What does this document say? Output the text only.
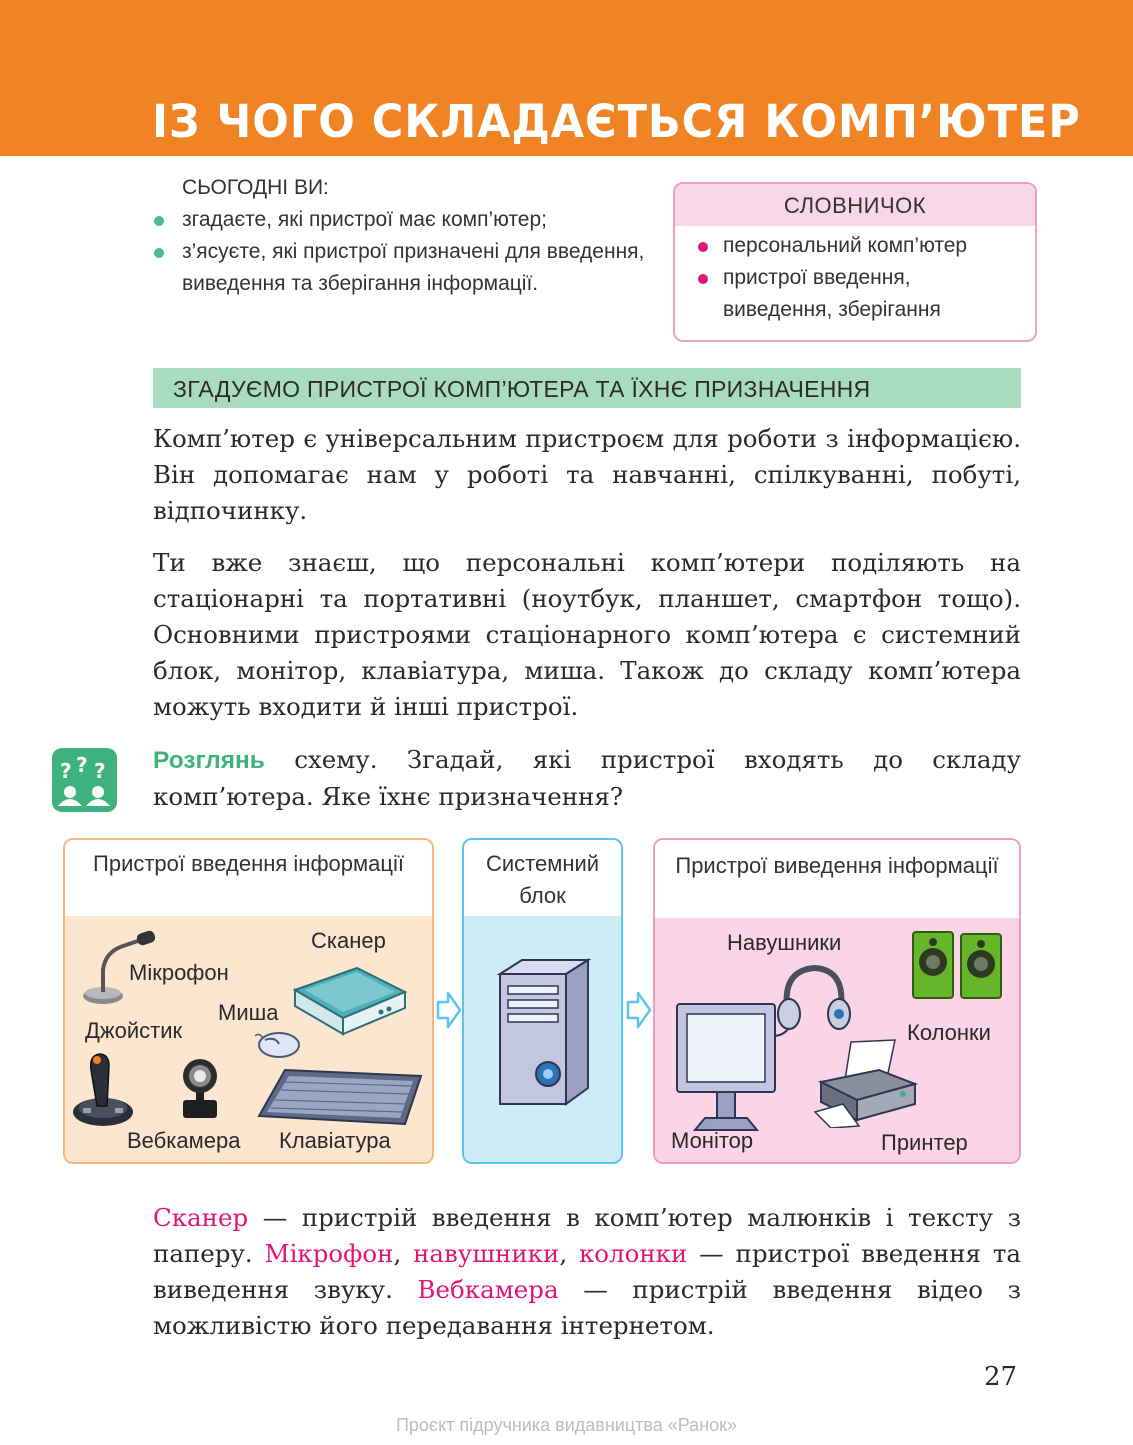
ІЗ ЧОГО СКЛАДАЄТЬСЯ КОМП’ЮТЕР
СЬОГОДНІ ВИ:
згадаєте, які пристрої має комп’ютер;
з’ясуєте, які пристрої призначені для введення, виведення та зберігання інформації.
СЛОВНИЧОК
персональний комп’ютер
пристрої введення, виведення, зберігання
ЗГАДУЄМО ПРИСТРОЇ КОМП’ЮТЕРА ТА ЇХНЄ ПРИЗНАЧЕННЯ
Комп’ютер є універсальним пристроєм для роботи з інформацією. Він допомагає нам у роботі та навчанні, спілкуванні, побуті, відпочинку.
Ти вже знаєш, що персональні комп’ютери поділяють на стаціонарні та портативні (ноутбук, планшет, смартфон тощо). Основними пристроями стаціонарного комп’ютера є системний блок, монітор, клавіатура, миша. Також до складу комп’ютера можуть входити й інші пристрої.
? ? ? Розглянь схему. Згадай, які пристрої входять до складу комп’ютера. Яке їхнє призначення?
Пристрої введення інформації
Мікрофон
Сканер
Миша
Джойстик
Вебкамера Клавіатура
Системний блок
Пристрої виведення інформації
Навушники
Колонки
Монітор	Принтер
Сканер — пристрій введення в комп’ютер малюнків і тексту з паперу. Мікрофон, навушники, колонки — пристрої введення та виведення звуку. Вебкамера — пристрій введення відео з можливістю його передавання інтернетом.
27
Проєкт підручника видавництва «Ранок»
